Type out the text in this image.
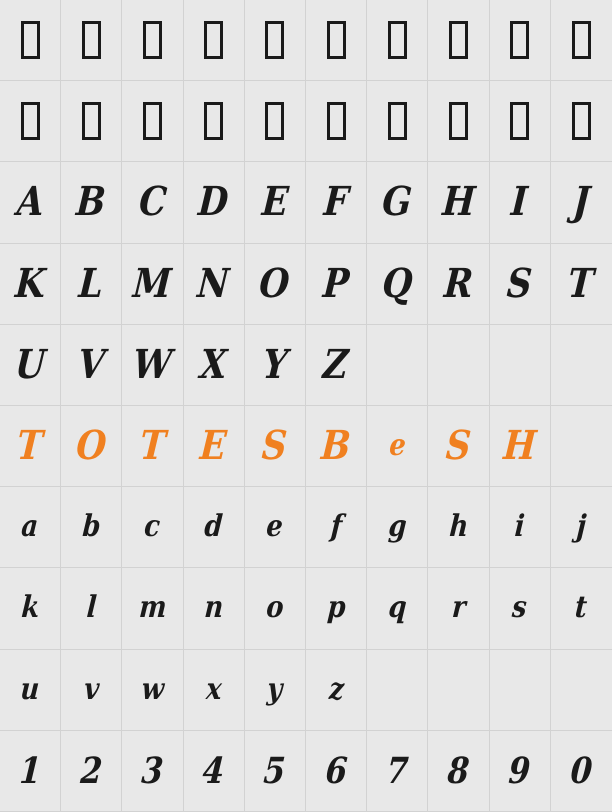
A B C D E F G H I J
K L M N O P Q R S T
U V W X Y Z
T O T E S B e S H
a b c d e f g h i j
k l m n o p q r s t
u v w x y z
1 2 3 4 5 6 7 8 9 0
